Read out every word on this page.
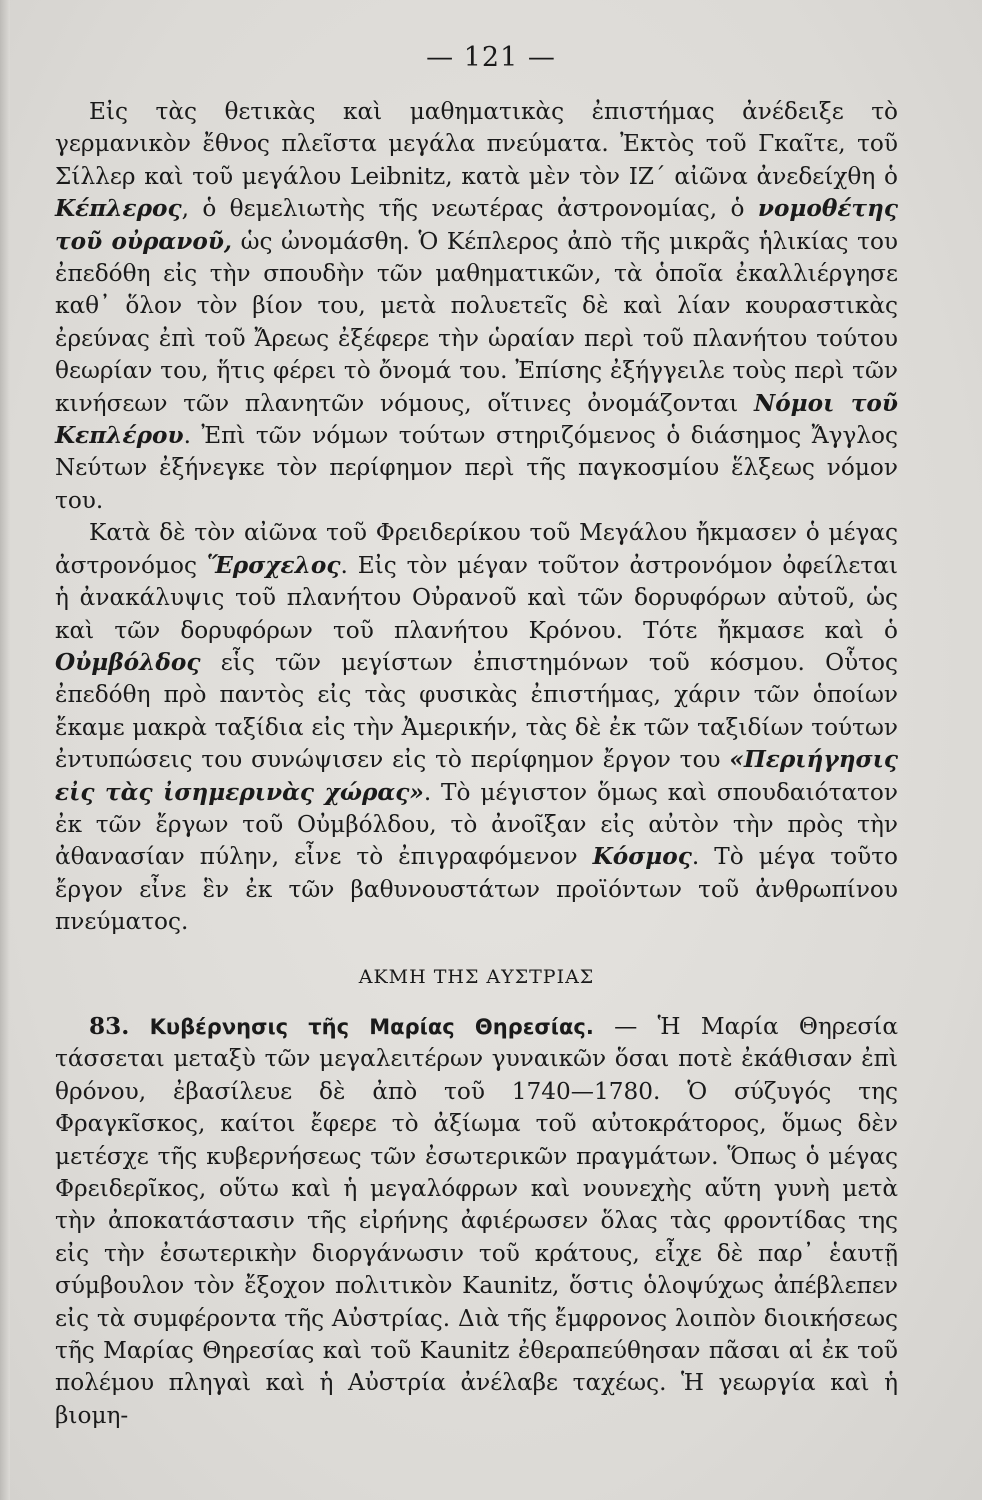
— 121 —

Εἰς τὰς θετικὰς καὶ μαθηματικὰς ἐπιστήμας ἀνέδειξε τὸ γερμανικὸν ἔθνος πλεῖστα μεγάλα πνεύματα. Ἐκτὸς τοῦ Γκαῖτε, τοῦ Σίλλερ καὶ τοῦ μεγάλου Leibnitz, κατὰ μὲν τὸν ΙΖ΄ αἰῶνα ἀνεδείχθη ὁ Κέπλερος, ὁ θεμελιωτὴς τῆς νεωτέρας ἀστρονομίας, ὁ νομοθέτης τοῦ οὐρανοῦ, ὡς ὠνομάσθη. Ὁ Κέπλερος ἀπὸ τῆς μικρᾶς ἡλικίας του ἐπεδόθη εἰς τὴν σπουδὴν τῶν μαθηματικῶν, τὰ ὁποῖα ἐκαλλιέργησε καθ᾽ ὅλον τὸν βίον του, μετὰ πολυετεῖς δὲ καὶ λίαν κουραστικὰς ἐρεύνας ἐπὶ τοῦ Ἄρεως ἐξέφερε τὴν ὡραίαν περὶ τοῦ πλανήτου τούτου θεωρίαν του, ἥτις φέρει τὸ ὄνομά του. Ἐπίσης ἐξήγγειλε τοὺς περὶ τῶν κινήσεων τῶν πλανητῶν νόμους, οἵτινες ὀνομάζονται Νόμοι τοῦ Κεπλέρου. Ἐπὶ τῶν νόμων τούτων στηριζόμενος ὁ διάσημος Ἄγγλος Νεύτων ἐξήνεγκε τὸν περίφημον περὶ τῆς παγκοσμίου ἕλξεως νόμον του.

Κατὰ δὲ τὸν αἰῶνα τοῦ Φρειδερίκου τοῦ Μεγάλου ἤκμασεν ὁ μέγας ἀστρονόμος Ἕρσχελος. Εἰς τὸν μέγαν τοῦτον ἀστρονόμον ὀφείλεται ἡ ἀνακάλυψις τοῦ πλανήτου Οὐρανοῦ καὶ τῶν δορυφόρων αὐτοῦ, ὡς καὶ τῶν δορυφόρων τοῦ πλανήτου Κρόνου. Τότε ἤκμασε καὶ ὁ Οὐμβόλδος εἷς τῶν μεγίστων ἐπιστημόνων τοῦ κόσμου. Οὗτος ἐπεδόθη πρὸ παντὸς εἰς τὰς φυσικὰς ἐπιστήμας, χάριν τῶν ὁποίων ἔκαμε μακρὰ ταξίδια εἰς τὴν Ἀμερικήν, τὰς δὲ ἐκ τῶν ταξιδίων τούτων ἐντυπώσεις του συνώψισεν εἰς τὸ περίφημον ἔργον του «Περιήγησις εἰς τὰς ἰσημερινὰς χώρας». Τὸ μέγιστον ὅμως καὶ σπουδαιότατον ἐκ τῶν ἔργων τοῦ Οὐμβόλδου, τὸ ἀνοῖξαν εἰς αὐτὸν τὴν πρὸς τὴν ἀθανασίαν πύλην, εἶνε τὸ ἐπιγραφόμενον Κόσμος. Τὸ μέγα τοῦτο ἔργον εἶνε ἓν ἐκ τῶν βαθυνουστάτων προϊόντων τοῦ ἀνθρωπίνου πνεύματος.

ΑΚΜΗ ΤΗΣ ΑΥΣΤΡΙΑΣ

83. Κυβέρνησις τῆς Μαρίας Θηρεσίας. — Ἡ Μαρία Θηρεσία τάσσεται μεταξὺ τῶν μεγαλειτέρων γυναικῶν ὅσαι ποτὲ ἐκάθισαν ἐπὶ θρόνου, ἐβασίλευε δὲ ἀπὸ τοῦ 1740—1780. Ὁ σύζυγός της Φραγκῖσκος, καίτοι ἔφερε τὸ ἀξίωμα τοῦ αὐτοκράτορος, ὅμως δὲν μετέσχε τῆς κυβερνήσεως τῶν ἐσωτερικῶν πραγμάτων. Ὅπως ὁ μέγας Φρειδερῖκος, οὕτω καὶ ἡ μεγαλόφρων καὶ νουνεχὴς αὕτη γυνὴ μετὰ τὴν ἀποκατάστασιν τῆς εἰρήνης ἀφιέρωσεν ὅλας τὰς φροντίδας της εἰς τὴν ἐσωτερικὴν διοργάνωσιν τοῦ κράτους, εἶχε δὲ παρ᾽ ἑαυτῇ σύμβουλον τὸν ἔξοχον πολιτικὸν Kaunitz, ὅστις ὁλοψύχως ἀπέβλεπεν εἰς τὰ συμφέροντα τῆς Αὐστρίας. Διὰ τῆς ἔμφρονος λοιπὸν διοικήσεως τῆς Μαρίας Θηρεσίας καὶ τοῦ Kaunitz ἐθεραπεύθησαν πᾶσαι αἱ ἐκ τοῦ πολέμου πληγαὶ καὶ ἡ Αὐστρία ἀνέλαβε ταχέως. Ἡ γεωργία καὶ ἡ βιομη-
